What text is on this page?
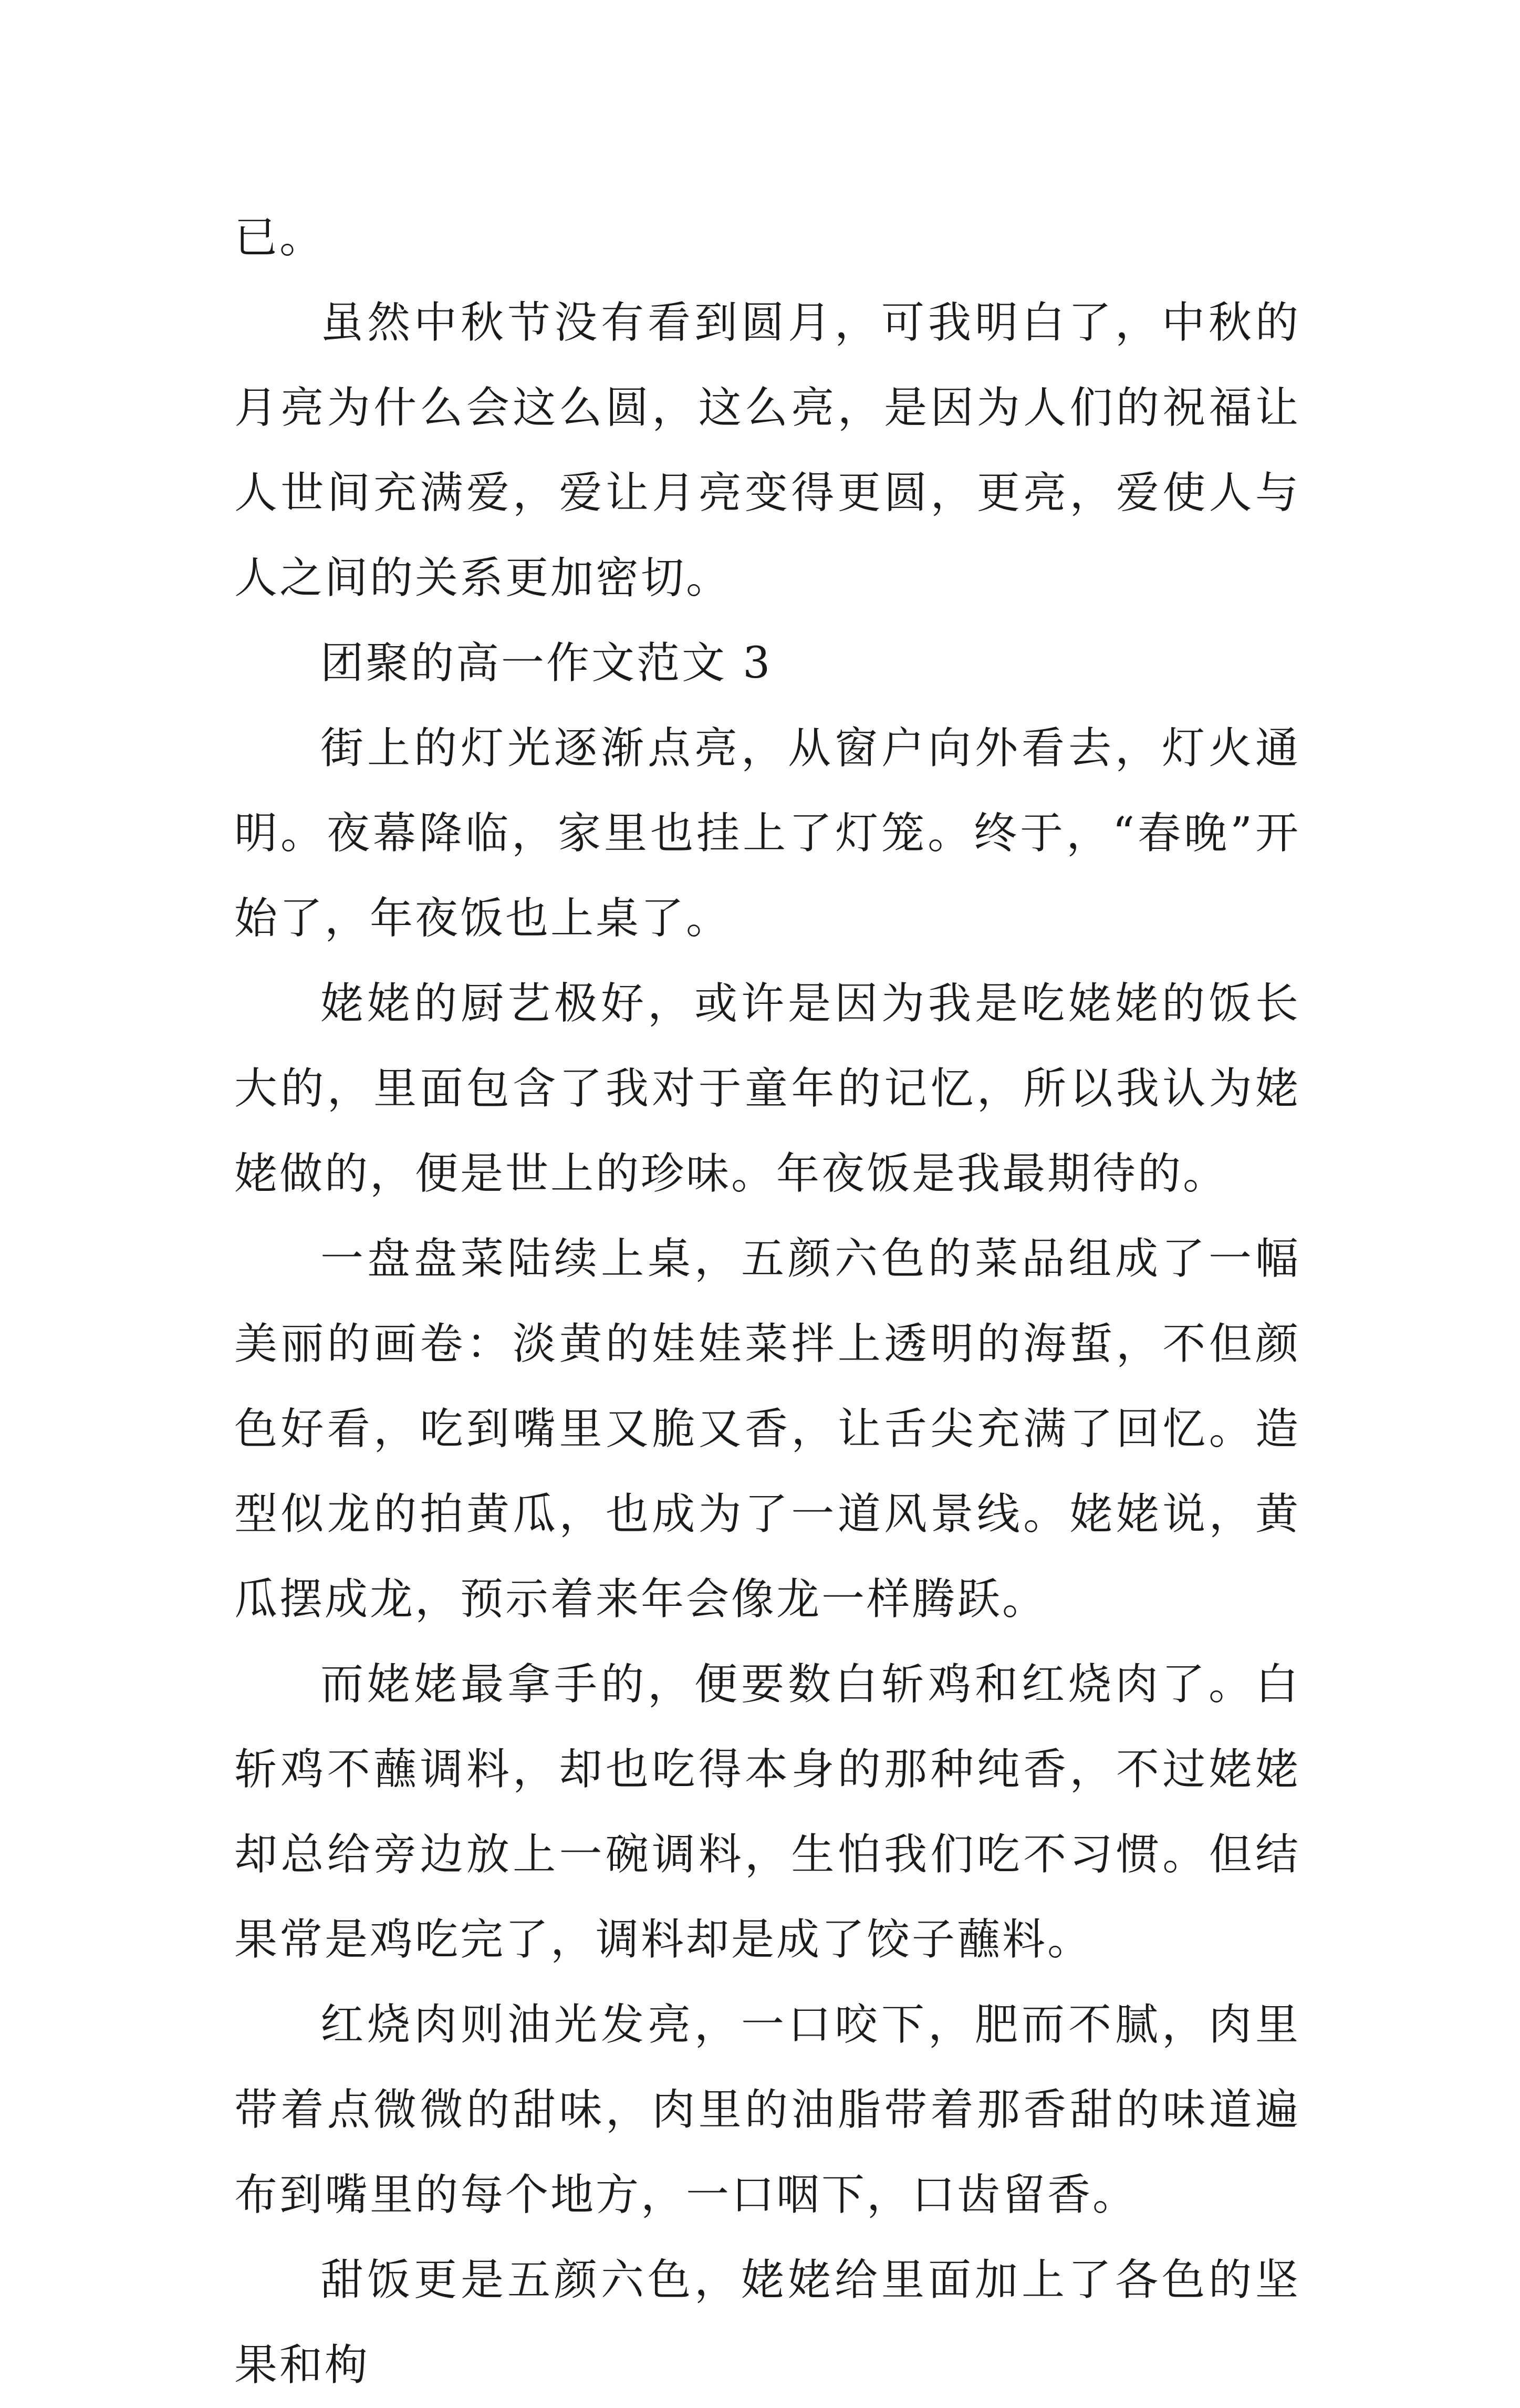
已。

虽然中秋节没有看到圆月，可我明白了，中秋的月亮为什么会这么圆，这么亮，是因为人们的祝福让人世间充满爱，爱让月亮变得更圆，更亮，爱使人与人之间的关系更加密切。

团聚的高一作文范文 3

街上的灯光逐渐点亮，从窗户向外看去，灯火通明。夜幕降临，家里也挂上了灯笼。终于，“春晚”开始了，年夜饭也上桌了。

姥姥的厨艺极好，或许是因为我是吃姥姥的饭长大的，里面包含了我对于童年的记忆，所以我认为姥姥做的，便是世上的珍味。年夜饭是我最期待的。

一盘盘菜陆续上桌，五颜六色的菜品组成了一幅美丽的画卷：淡黄的娃娃菜拌上透明的海蜇，不但颜色好看，吃到嘴里又脆又香，让舌尖充满了回忆。造型似龙的拍黄瓜，也成为了一道风景线。姥姥说，黄瓜摆成龙，预示着来年会像龙一样腾跃。

而姥姥最拿手的，便要数白斩鸡和红烧肉了。白斩鸡不蘸调料，却也吃得本身的那种纯香，不过姥姥却总给旁边放上一碗调料，生怕我们吃不习惯。但结果常是鸡吃完了，调料却是成了饺子蘸料。

红烧肉则油光发亮，一口咬下，肥而不腻，肉里带着点微微的甜味，肉里的油脂带着那香甜的味道遍布到嘴里的每个地方，一口咽下，口齿留香。

甜饭更是五颜六色，姥姥给里面加上了各色的坚果和枸
